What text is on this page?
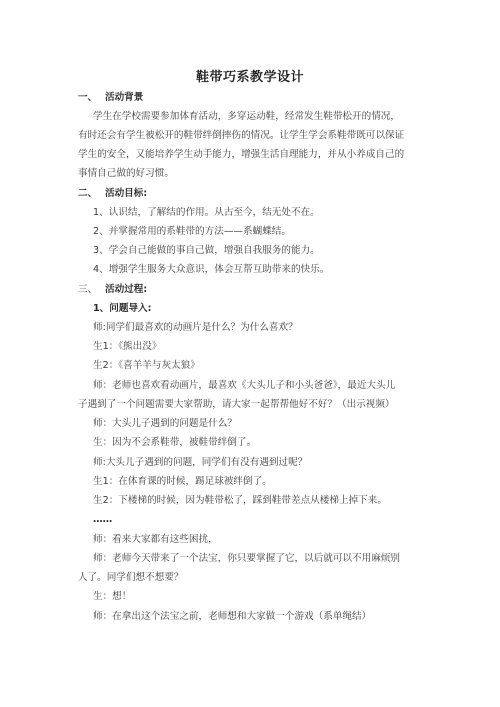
鞋带巧系教学设计
一、 活动背景
学生在学校需要参加体育活动，多穿运动鞋，经常发生鞋带松开的情况，
有时还会有学生被松开的鞋带绊倒摔伤的情况。让学生学会系鞋带既可以保证
学生的安全，又能培养学生动手能力，增强生活自理能力，并从小养成自己的
事情自己做的好习惯。
二、 活动目标:
1、认识结，了解结的作用。从古至今，结无处不在。
2、并掌握常用的系鞋带的方法——系蝴蝶结。
3、学会自己能做的事自己做，增强自我服务的能力。
4、增强学生服务大众意识，体会互帮互助带来的快乐。
三、 活动过程:
1、问题导入:
师:同学们最喜欢的动画片是什么？为什么喜欢？
生1：《熊出没》
生2：《喜羊羊与灰太狼》
师：老师也喜欢看动画片，最喜欢《大头儿子和小头爸爸》，最近大头儿
子遇到了一个问题需要大家帮助，请大家一起帮帮他好不好？（出示视频）
师：大头儿子遇到的问题是什么？
生：因为不会系鞋带，被鞋带绊倒了。
师:大头儿子遇到的问题，同学们有没有遇到过呢？
生1：在体育课的时候，踢足球被绊倒了。
生2：下楼梯的时候，因为鞋带松了，踩到鞋带差点从楼梯上掉下来。
……
师：看来大家都有这些困扰，
师：老师今天带来了一个法宝，你只要掌握了它，以后就可以不用麻烦别
人了。同学们想不想要？
生：想！
师：在拿出这个法宝之前，老师想和大家做一个游戏（系单绳结）
